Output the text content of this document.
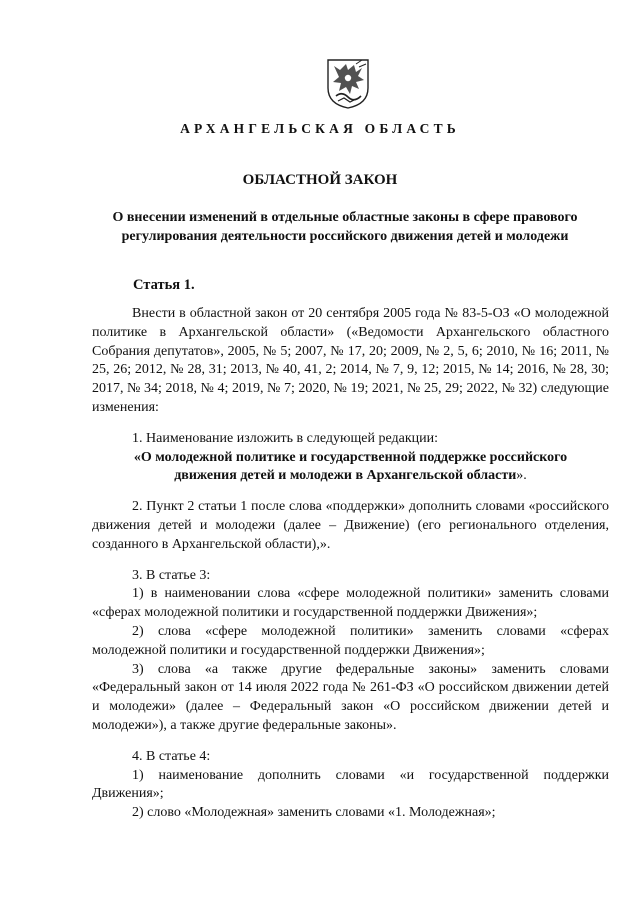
АРХАНГЕЛЬСКАЯ ОБЛАСТЬ
ОБЛАСТНОЙ ЗАКОН
О внесении изменений в отдельные областные законы в сфере правового
регулирования деятельности российского движения детей и молодежи
Статья 1.

Внести в областной закон от 20 сентября 2005 года № 83-5-ОЗ «О молодежной политике в Архангельской области» («Ведомости Архангельского областного Собрания депутатов», 2005, № 5; 2007, № 17, 20; 2009, № 2, 5, 6; 2010, № 16; 2011, № 25, 26; 2012, № 28, 31; 2013, № 40, 41, 2; 2014, № 7, 9, 12; 2015, № 14; 2016, № 28, 30; 2017, № 34; 2018, № 4; 2019, № 7; 2020, № 19; 2021, № 25, 29; 2022, № 32) следующие изменения:

1. Наименование изложить в следующей редакции:

«О молодежной политике и государственной поддержке российского
движения детей и молодежи в Архангельской области».

2. Пункт 2 статьи 1 после слова «поддержки» дополнить словами «российского движения детей и молодежи (далее – Движение) (его регионального отделения, созданного в Архангельской области),».

3. В статье 3:

1) в наименовании слова «сфере молодежной политики» заменить словами «сферах молодежной политики и государственной поддержки Движения»;

2) слова «сфере молодежной политики» заменить словами «сферах молодежной политики и государственной поддержки Движения»;

3) слова «а также другие федеральные законы» заменить словами «Федеральный закон от 14 июля 2022 года № 261-ФЗ «О российском движении детей и молодежи» (далее – Федеральный закон «О российском движении детей и молодежи»), а также другие федеральные законы».

4. В статье 4:

1) наименование дополнить словами «и государственной поддержки Движения»;

2) слово «Молодежная» заменить словами «1. Молодежная»;
